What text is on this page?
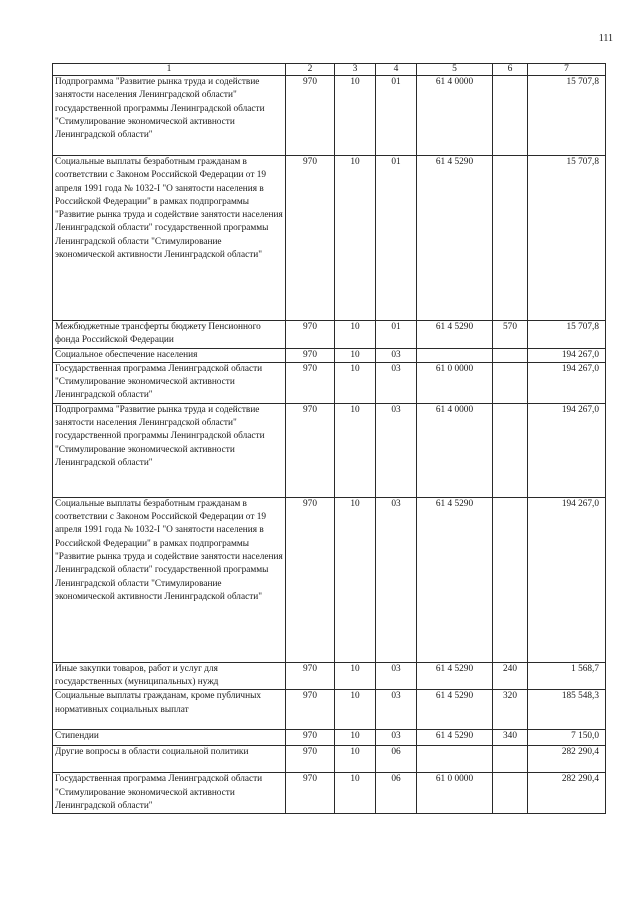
111
1	2	3	4	5	6	7
Подпрограмма "Развитие рынка труда и содействие занятости населения Ленинградской области" государственной программы Ленинградской области "Стимулирование экономической активности Ленинградской области"	970	10	01	61 4 0000		15 707,8
Социальные выплаты безработным гражданам в соответствии с Законом Российской Федерации от 19 апреля 1991 года № 1032-I "О занятости населения в Российской Федерации" в рамках подпрограммы "Развитие рынка труда и содействие занятости населения Ленинградской области" государственной программы Ленинградской области "Стимулирование экономической активности Ленинградской области"	970	10	01	61 4 5290		15 707,8
Межбюджетные трансферты бюджету Пенсионного фонда Российской Федерации	970	10	01	61 4 5290	570	15 707,8
Социальное обеспечение населения	970	10	03			194 267,0
Государственная программа Ленинградской области "Стимулирование экономической активности Ленинградской области"	970	10	03	61 0 0000		194 267,0
Подпрограмма "Развитие рынка труда и содействие занятости населения Ленинградской области" государственной программы Ленинградской области "Стимулирование экономической активности Ленинградской области"	970	10	03	61 4 0000		194 267,0
Социальные выплаты безработным гражданам в соответствии с Законом Российской Федерации от 19 апреля 1991 года № 1032-I "О занятости населения в Российской Федерации" в рамках подпрограммы "Развитие рынка труда и содействие занятости населения Ленинградской области" государственной программы Ленинградской области "Стимулирование экономической активности Ленинградской области"	970	10	03	61 4 5290		194 267,0
Иные закупки товаров, работ и услуг для государственных (муниципальных) нужд	970	10	03	61 4 5290	240	1 568,7
Социальные выплаты гражданам, кроме публичных нормативных социальных выплат	970	10	03	61 4 5290	320	185 548,3
Стипендии	970	10	03	61 4 5290	340	7 150,0
Другие вопросы в области социальной политики	970	10	06			282 290,4
Государственная программа Ленинградской области "Стимулирование экономической активности Ленинградской области"	970	10	06	61 0 0000		282 290,4
